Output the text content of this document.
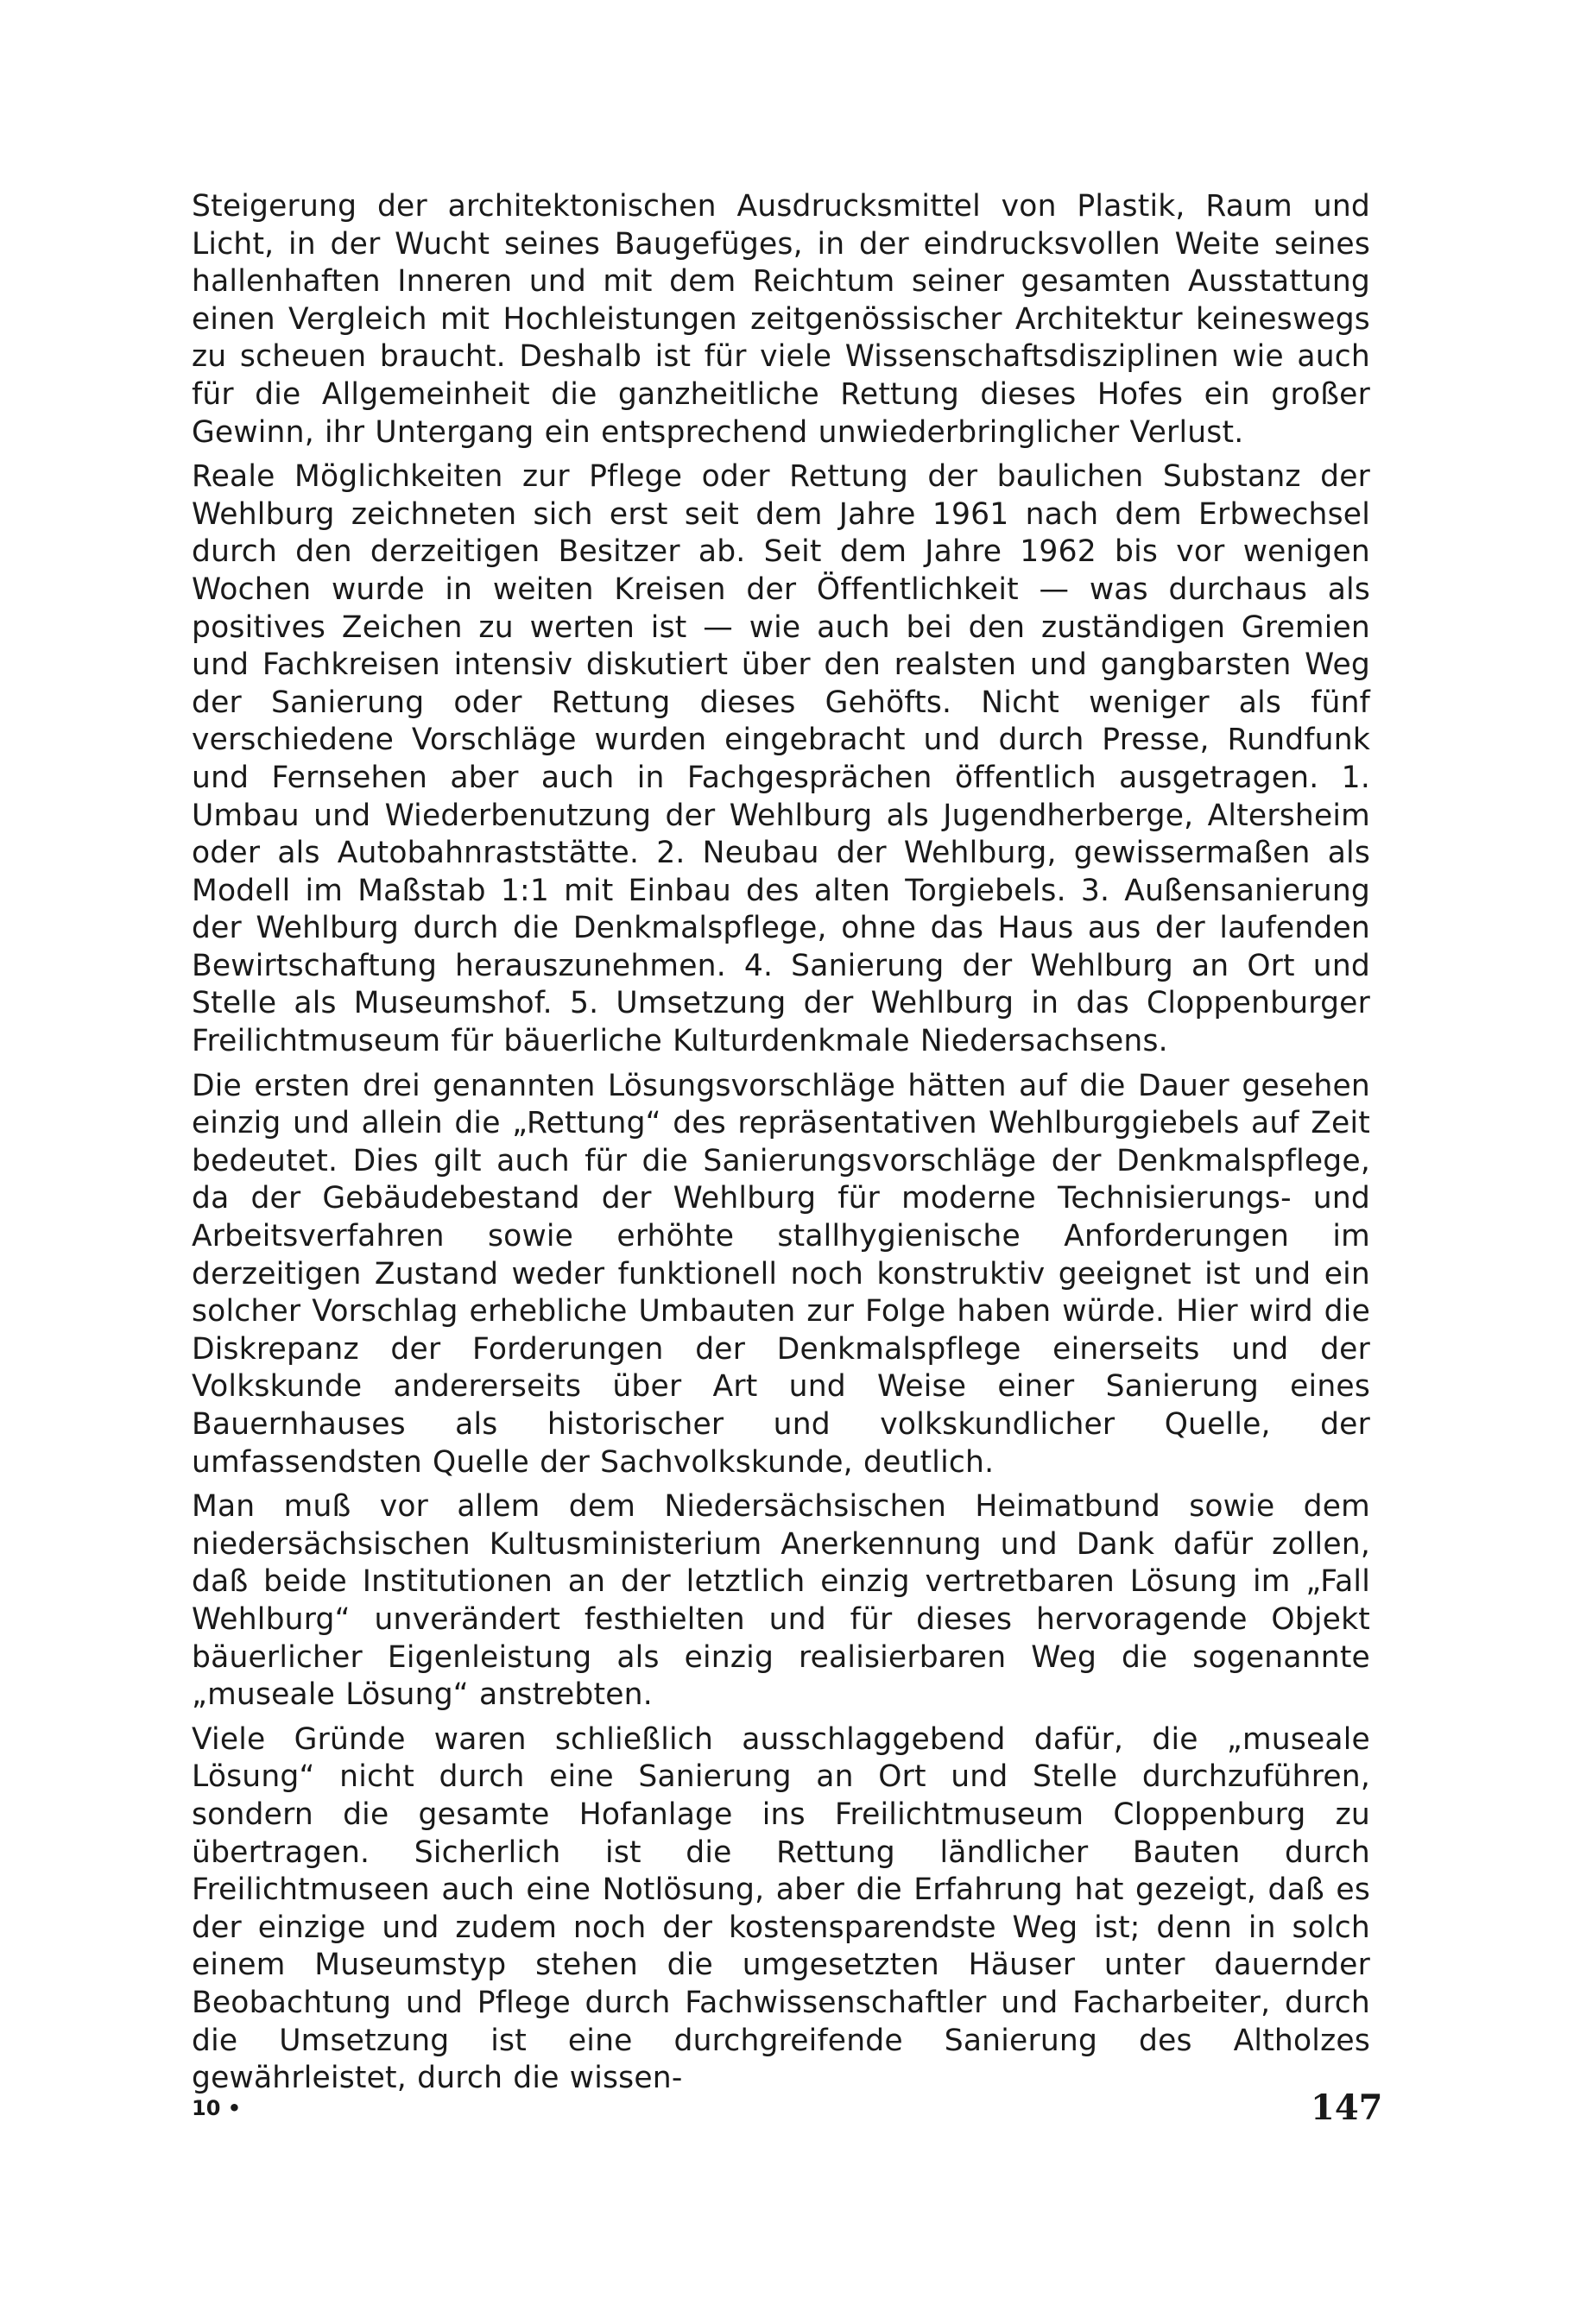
Steigerung der architektonischen Ausdrucksmittel von Plastik, Raum und Licht, in der Wucht seines Baugefüges, in der eindrucksvollen Weite seines hallenhaften Inneren und mit dem Reichtum seiner gesamten Ausstattung einen Vergleich mit Hochleistungen zeitgenössischer Architektur keineswegs zu scheuen braucht. Deshalb ist für viele Wissenschaftsdisziplinen wie auch für die Allgemeinheit die ganzheitliche Rettung dieses Hofes ein großer Gewinn, ihr Untergang ein entsprechend unwiederbringlicher Verlust.

Reale Möglichkeiten zur Pflege oder Rettung der baulichen Substanz der Wehlburg zeichneten sich erst seit dem Jahre 1961 nach dem Erbwechsel durch den derzeitigen Besitzer ab. Seit dem Jahre 1962 bis vor wenigen Wochen wurde in weiten Kreisen der Öffentlichkeit — was durchaus als positives Zeichen zu werten ist — wie auch bei den zuständigen Gremien und Fachkreisen intensiv diskutiert über den realsten und gangbarsten Weg der Sanierung oder Rettung dieses Gehöfts. Nicht weniger als fünf verschiedene Vorschläge wurden eingebracht und durch Presse, Rundfunk und Fernsehen aber auch in Fachgesprächen öffentlich ausgetragen. 1. Umbau und Wiederbenutzung der Wehlburg als Jugendherberge, Altersheim oder als Autobahnraststätte. 2. Neubau der Wehlburg, gewissermaßen als Modell im Maßstab 1:1 mit Einbau des alten Torgiebels. 3. Außensanierung der Wehlburg durch die Denkmalspflege, ohne das Haus aus der laufenden Bewirtschaftung herauszunehmen. 4. Sanierung der Wehlburg an Ort und Stelle als Museumshof. 5. Umsetzung der Wehlburg in das Cloppenburger Freilichtmuseum für bäuerliche Kulturdenkmale Niedersachsens.

Die ersten drei genannten Lösungsvorschläge hätten auf die Dauer gesehen einzig und allein die „Rettung“ des repräsentativen Wehlburggiebels auf Zeit bedeutet. Dies gilt auch für die Sanierungsvorschläge der Denkmalspflege, da der Gebäudebestand der Wehlburg für moderne Technisierungs- und Arbeitsverfahren sowie erhöhte stallhygienische Anforderungen im derzeitigen Zustand weder funktionell noch konstruktiv geeignet ist und ein solcher Vorschlag erhebliche Umbauten zur Folge haben würde. Hier wird die Diskrepanz der Forderungen der Denkmalspflege einerseits und der Volkskunde andererseits über Art und Weise einer Sanierung eines Bauernhauses als historischer und volkskundlicher Quelle, der umfassendsten Quelle der Sachvolkskunde, deutlich.

Man muß vor allem dem Niedersächsischen Heimatbund sowie dem niedersächsischen Kultusministerium Anerkennung und Dank dafür zollen, daß beide Institutionen an der letztlich einzig vertretbaren Lösung im „Fall Wehlburg“ unverändert festhielten und für dieses hervoragende Objekt bäuerlicher Eigenleistung als einzig realisierbaren Weg die sogenannte „museale Lösung“ anstrebten.

Viele Gründe waren schließlich ausschlaggebend dafür, die „museale Lösung“ nicht durch eine Sanierung an Ort und Stelle durchzuführen, sondern die gesamte Hofanlage ins Freilichtmuseum Cloppenburg zu übertragen. Sicherlich ist die Rettung ländlicher Bauten durch Freilichtmuseen auch eine Notlösung, aber die Erfahrung hat gezeigt, daß es der einzige und zudem noch der kostensparendste Weg ist; denn in solch einem Museumstyp stehen die umgesetzten Häuser unter dauernder Beobachtung und Pflege durch Fachwissenschaftler und Facharbeiter, durch die Umsetzung ist eine durchgreifende Sanierung des Altholzes gewährleistet, durch die wissen-

10 •	147
